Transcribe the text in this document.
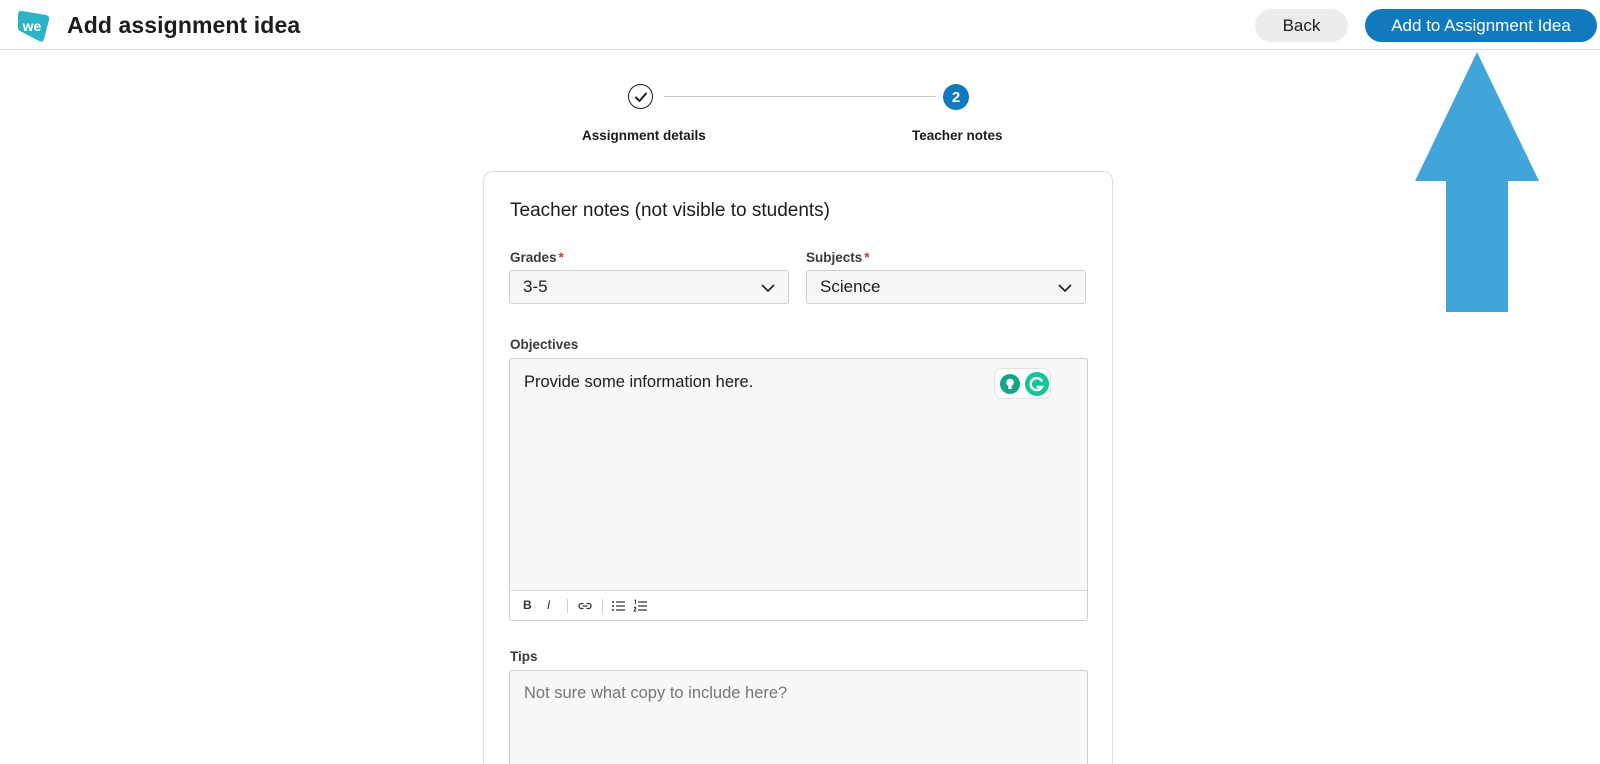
we Add assignment idea	Back	Add to Assignment Idea
2
Assignment details	Teacher notes
Teacher notes (not visible to students)
Grades *
3-5
Subjects *
Science
Objectives
Provide some information here.
B I
Tips
Not sure what copy to include here?
